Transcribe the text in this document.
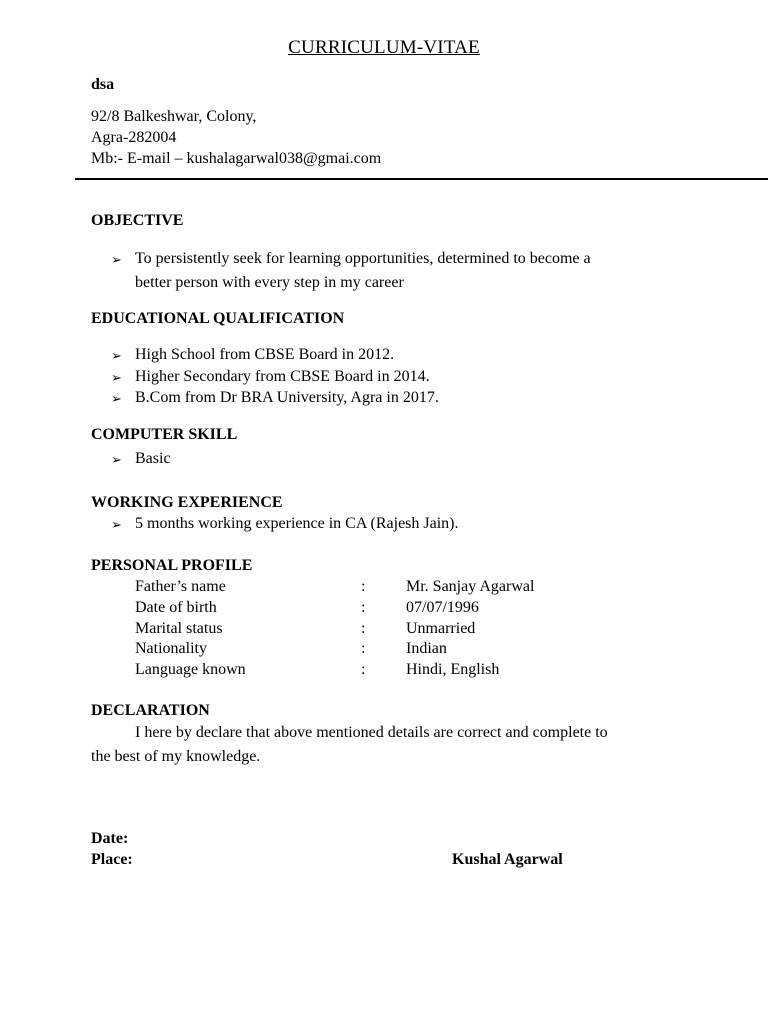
CURRICULUM-VITAE
dsa
92/8 Balkeshwar, Colony,
Agra-282004
Mb:- E-mail – kushalagarwal038@gmai.com
OBJECTIVE
➢ To persistently seek for learning opportunities, determined to become a
better person with every step in my career
EDUCATIONAL QUALIFICATION
➢ High School from CBSE Board in 2012.
➢ Higher Secondary from CBSE Board in 2014.
➢ B.Com from Dr BRA University, Agra in 2017.
COMPUTER SKILL
➢ Basic
WORKING EXPERIENCE
➢ 5 months working experience in CA (Rajesh Jain).
PERSONAL PROFILE
Father’s name	:	Mr. Sanjay Agarwal
Date of birth	:	07/07/1996
Marital status	:	Unmarried
Nationality	:	Indian
Language known	:	Hindi, English
DECLARATION
I here by declare that above mentioned details are correct and complete to
the best of my knowledge.
Date:
Place:	Kushal Agarwal
